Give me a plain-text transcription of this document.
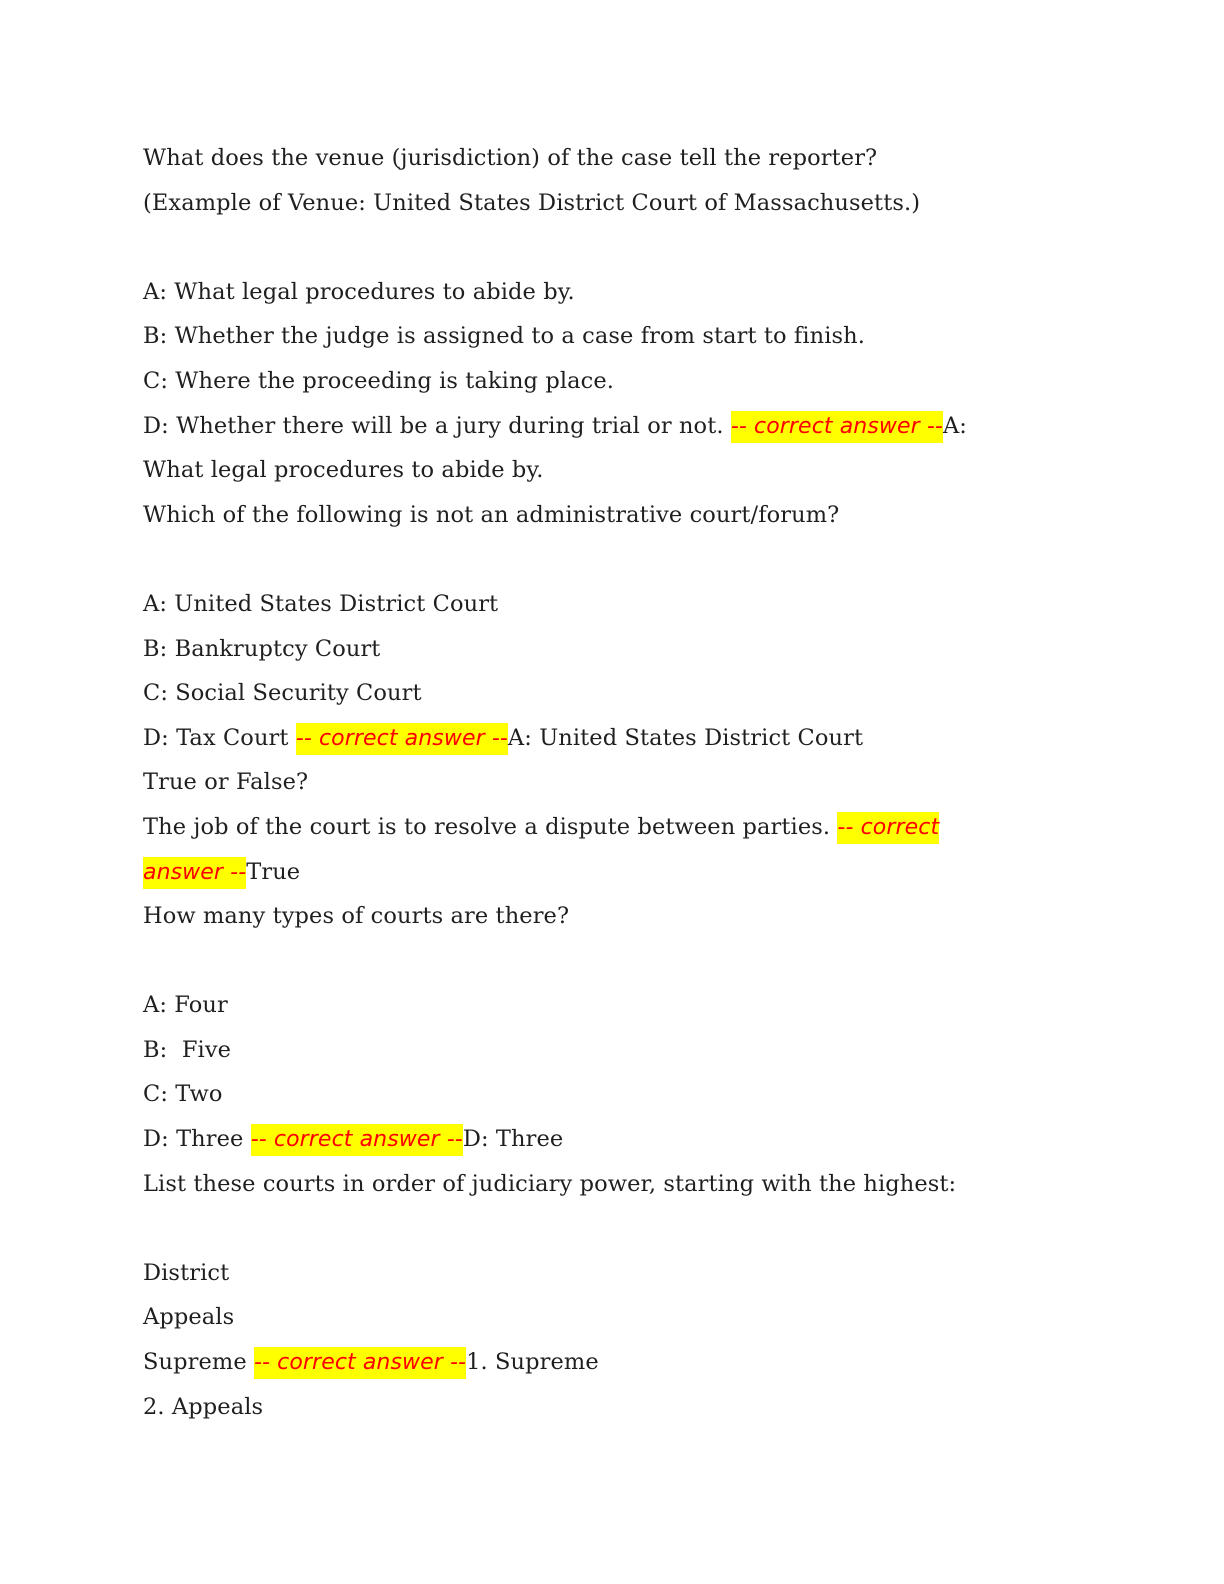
What does the venue (jurisdiction) of the case tell the reporter?
(Example of Venue: United States District Court of Massachusetts.)
A: What legal procedures to abide by.
B: Whether the judge is assigned to a case from start to finish.
C: Where the proceeding is taking place.
D: Whether there will be a jury during trial or not. -- correct answer --A:
What legal procedures to abide by.
Which of the following is not an administrative court/forum?
A: United States District Court
B: Bankruptcy Court
C: Social Security Court
D: Tax Court -- correct answer --A: United States District Court
True or False?
The job of the court is to resolve a dispute between parties. -- correct
answer --True
How many types of courts are there?
A: Four
B:  Five
C: Two
D: Three -- correct answer --D: Three
List these courts in order of judiciary power, starting with the highest:
District
Appeals
Supreme -- correct answer --1. Supreme
2. Appeals
